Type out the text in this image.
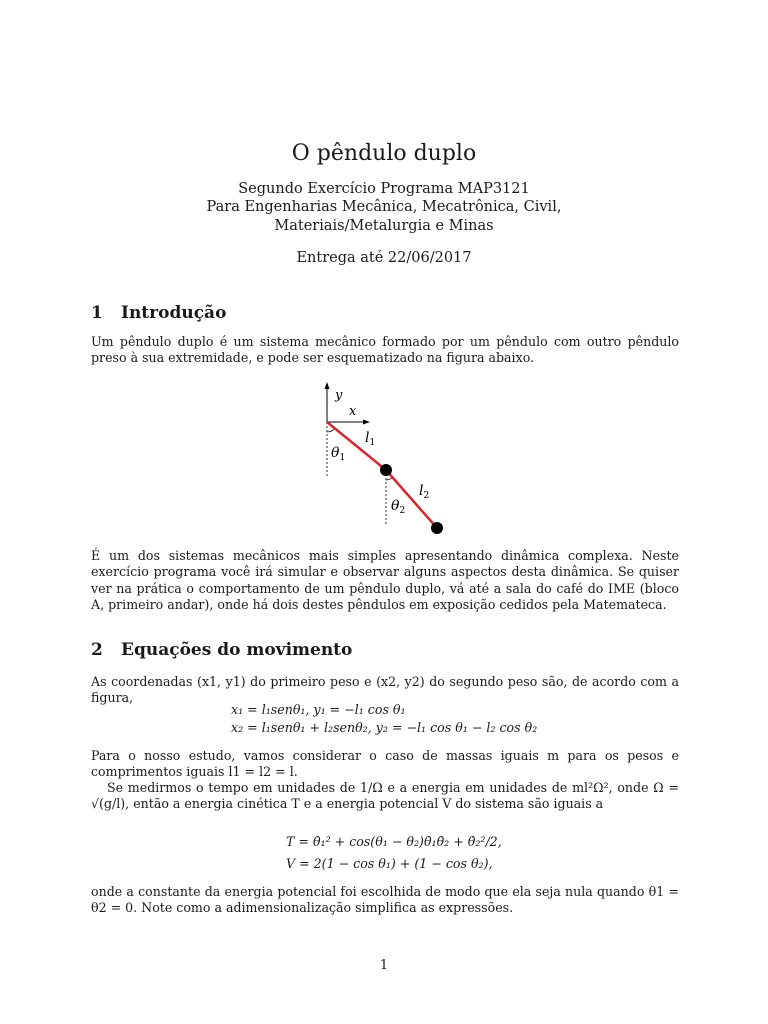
O pêndulo duplo
Segundo Exercício Programa MAP3121
Para Engenharias Mecânica, Mecatrônica, Civil,
Materiais/Metalurgia e Minas
Entrega até 22/06/2017
1 Introdução
Um pêndulo duplo é um sistema mecânico formado por um pêndulo com outro pêndulo preso à sua extremidade, e pode ser esquematizado na figura abaixo.
y
x
$l_1$
$\theta_1$
$l_2$
$\theta_2$
É um dos sistemas mecânicos mais simples apresentando dinâmica complexa. Neste exercício programa você irá simular e observar alguns aspectos desta dinâmica. Se quiser ver na prática o comportamento de um pêndulo duplo, vá até a sala do café do IME (bloco A, primeiro andar), onde há dois destes pêndulos em exposição cedidos pela Matemateca.
2 Equações do movimento
As coordenadas (x1, y1) do primeiro peso e (x2, y2) do segundo peso são, de acordo com a figura,
x₁ = l₁senθ₁, y₁ = −l₁ cos θ₁
x₂ = l₁senθ₁ + l₂senθ₂, y₂ = −l₁ cos θ₁ − l₂ cos θ₂
Para o nosso estudo, vamos considerar o caso de massas iguais m para os pesos e comprimentos iguais l1 = l2 = l.
Se medirmos o tempo em unidades de 1/Ω e a energia em unidades de ml²Ω², onde Ω = √(g/l), então a energia cinética T e a energia potencial V do sistema são iguais a
T = θ̇₁² + cos(θ₁ − θ₂)θ̇₁θ̇₂ + θ̇₂²/2,
V = 2(1 − cos θ₁) + (1 − cos θ₂),
onde a constante da energia potencial foi escolhida de modo que ela seja nula quando θ1 = θ2 = 0. Note como a adimensionalização simplifica as expressões.
1
